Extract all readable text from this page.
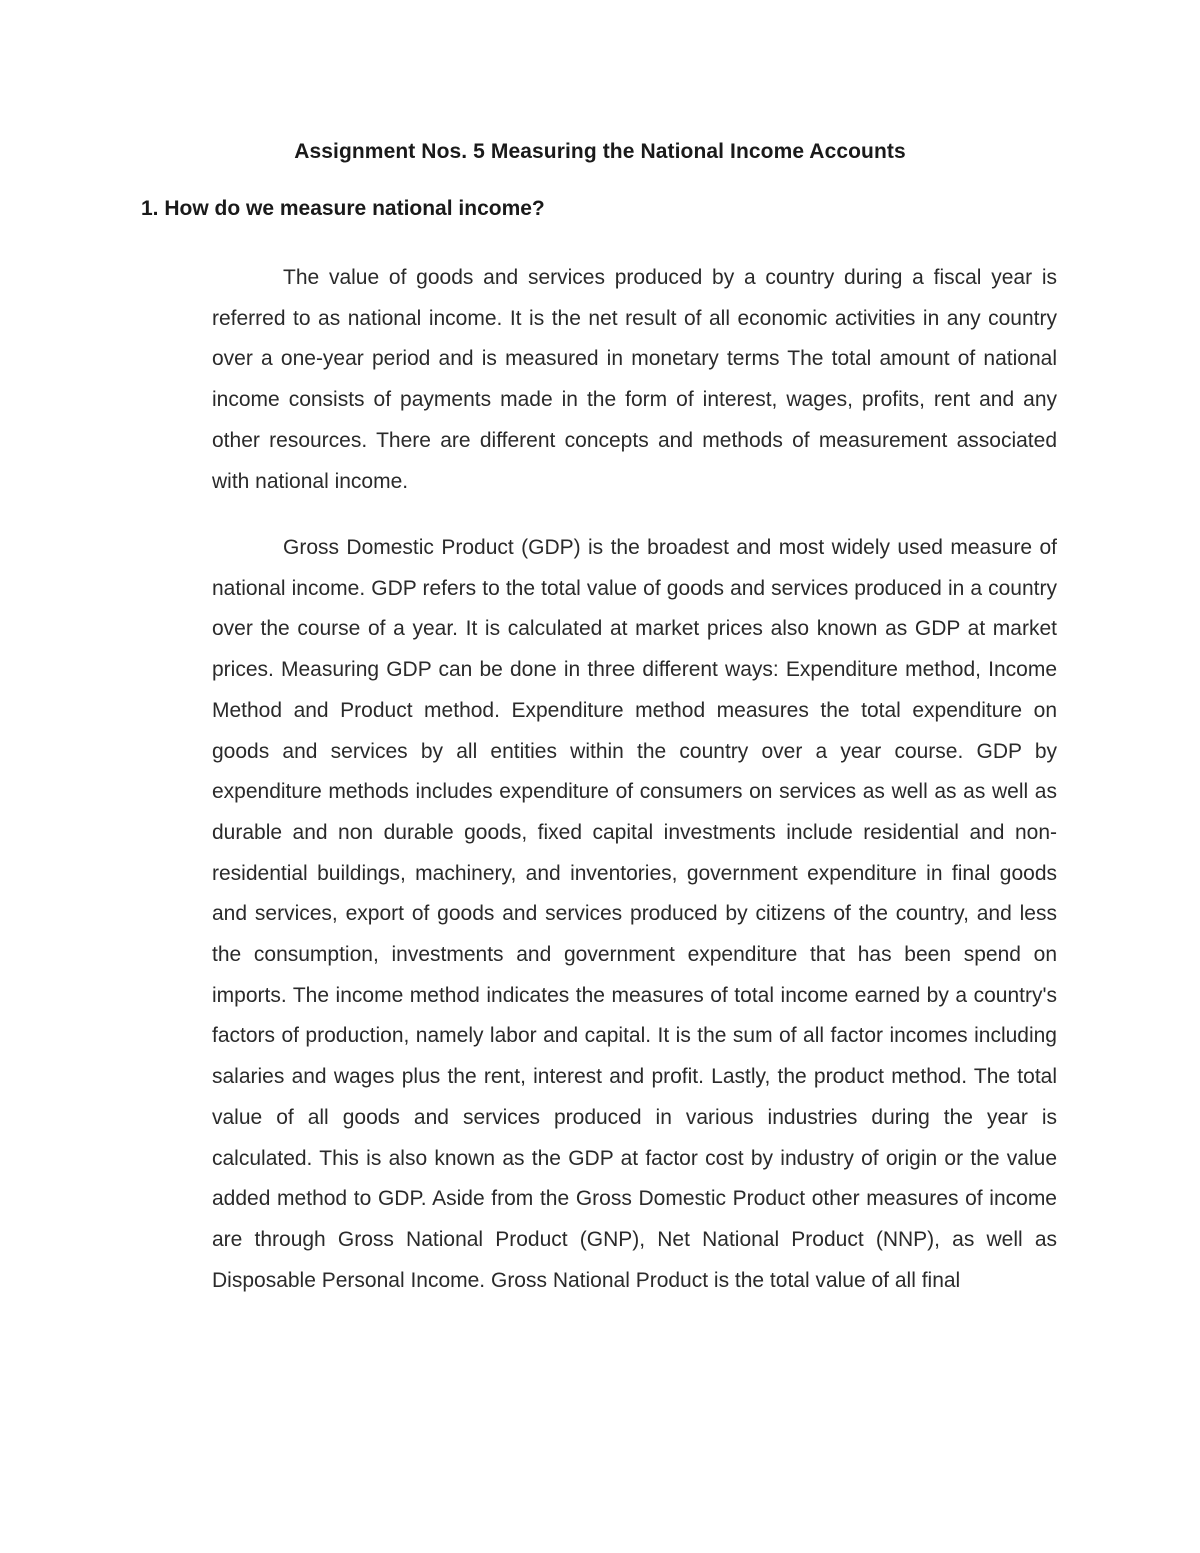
Assignment Nos. 5 Measuring the National Income Accounts
1. How do we measure national income?

The value of goods and services produced by a country during a fiscal year is referred to as national income. It is the net result of all economic activities in any country over a one-year period and is measured in monetary terms The total amount of national income consists of payments made in the form of interest, wages, profits, rent and any other resources. There are different concepts and methods of measurement associated with national income.

Gross Domestic Product (GDP) is the broadest and most widely used measure of national income. GDP refers to the total value of goods and services produced in a country over the course of a year. It is calculated at market prices also known as GDP at market prices. Measuring GDP can be done in three different ways: Expenditure method, Income Method and Product method. Expenditure method measures the total expenditure on goods and services by all entities within the country over a year course. GDP by expenditure methods includes expenditure of consumers on services as well as as well as durable and non durable goods, fixed capital investments include residential and non-residential buildings, machinery, and inventories, government expenditure in final goods and services, export of goods and services produced by citizens of the country, and less the consumption, investments and government expenditure that has been spend on imports. The income method indicates the measures of total income earned by a country's factors of production, namely labor and capital. It is the sum of all factor incomes including salaries and wages plus the rent, interest and profit. Lastly, the product method. The total value of all goods and services produced in various industries during the year is calculated. This is also known as the GDP at factor cost by industry of origin or the value added method to GDP. Aside from the Gross Domestic Product other measures of income are through Gross National Product (GNP), Net National Product (NNP), as well as Disposable Personal Income. Gross National Product is the total value of all final
